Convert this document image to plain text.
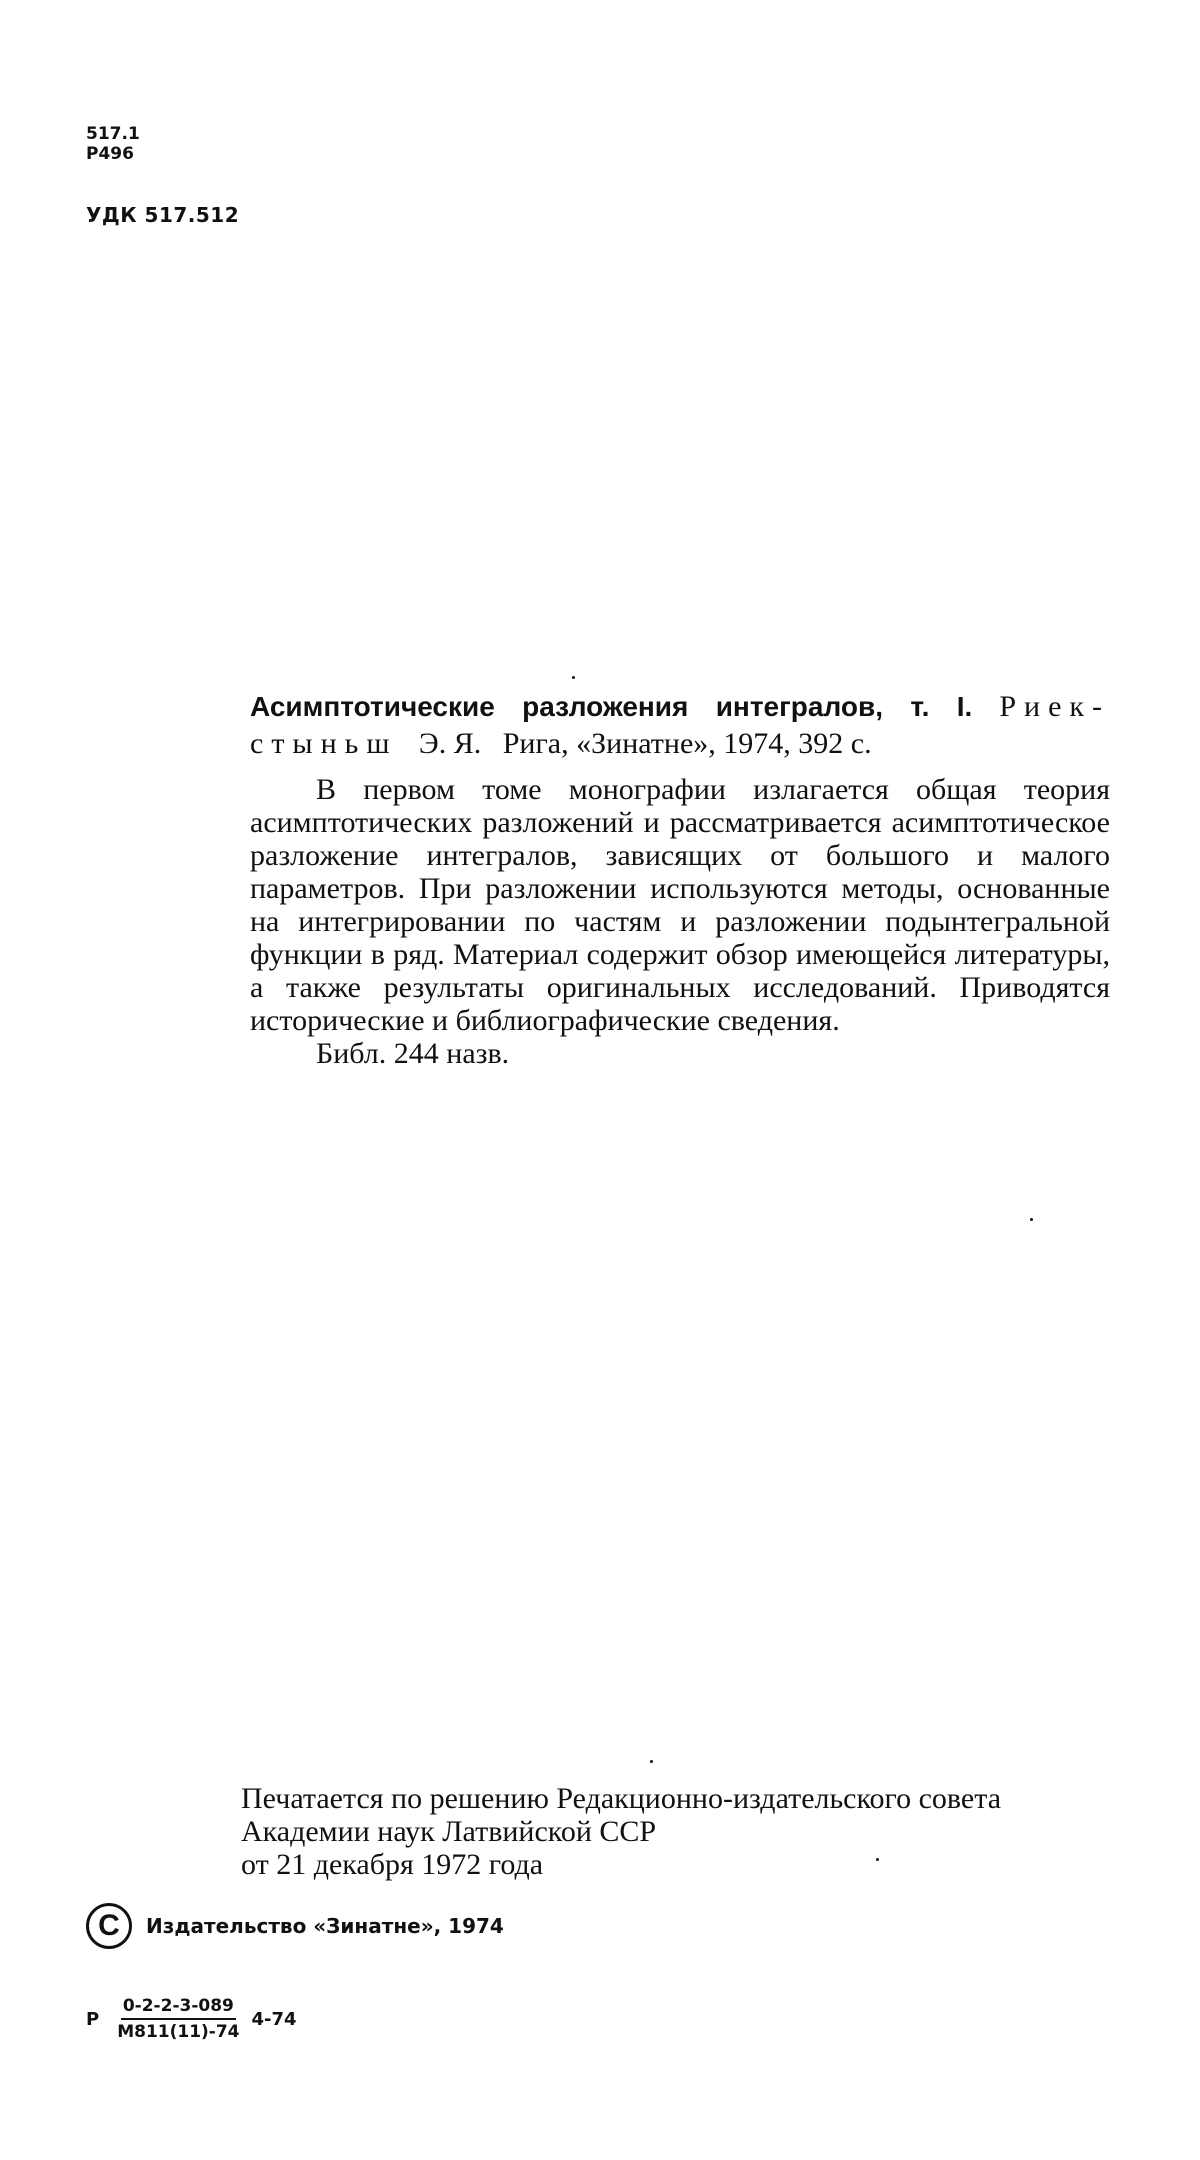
517.1
P496
УДК 517.512
Асимптотические разложения интегралов, т. I. Риек-
стыньш Э. Я. Рига, «Зинатне», 1974, 392 с.

В первом томе монографии излагается общая теория асимптотических разложений и рассматривается асимптотическое разложение интегралов, зависящих от большого и малого параметров. При разложении используются методы, основанные на интегрировании по частям и разложении подынтегральной функции в ряд. Материал содержит обзор имеющейся литературы, а также результаты оригинальных исследований. Приводятся исторические и библиографические сведения.

Библ. 244 назв.

Печатается по решению Редакционно-издательского совета
Академии наук Латвийской ССР
от 21 декабря 1972 года
C	Издательство «Зинатне», 1974
Р $\frac{0-2-2-3-089}{М811(11)-74} 4-74$
